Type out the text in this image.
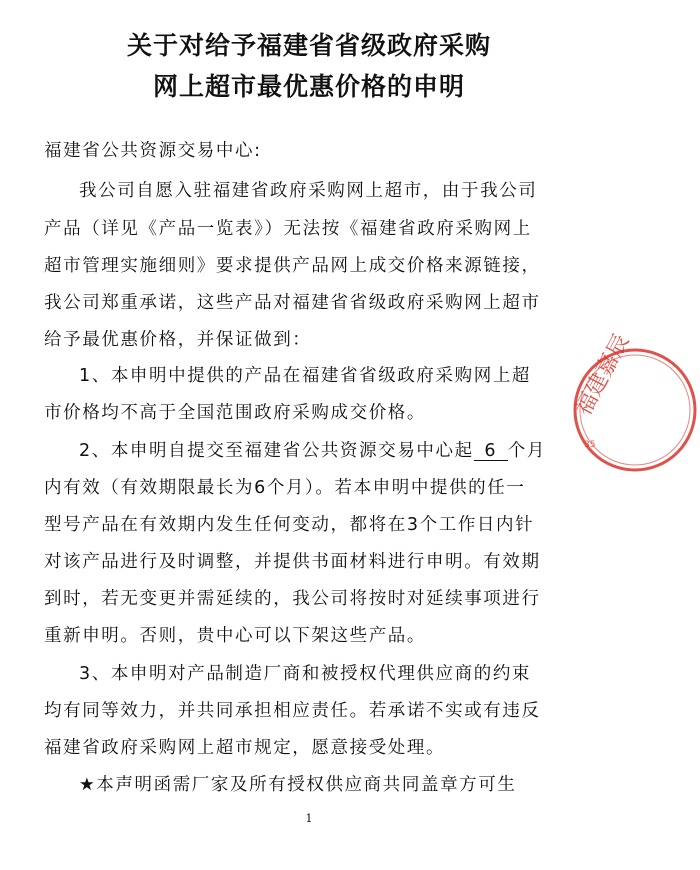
关于对给予福建省省级政府采购
网上超市最优惠价格的申明
福建省公共资源交易中心:
我公司自愿入驻福建省政府采购网上超市，由于我公司
产品（详见《产品一览表》）无法按《福建省政府采购网上
超市管理实施细则》要求提供产品网上成交价格来源链接，
我公司郑重承诺，这些产品对福建省省级政府采购网上超市
给予最优惠价格，并保证做到：
1、本申明中提供的产品在福建省省级政府采购网上超
市价格均不高于全国范围政府采购成交价格。
2、本申明自提交至福建省公共资源交易中心起 6 个月
内有效（有效期限最长为6个月）。若本申明中提供的任一
型号产品在有效期内发生任何变动，都将在3个工作日内针
对该产品进行及时调整，并提供书面材料进行申明。有效期
到时，若无变更并需延续的，我公司将按时对延续事项进行
重新申明。否则，贵中心可以下架这些产品。
3、本申明对产品制造厂商和被授权代理供应商的约束
均有同等效力，并共同承担相应责任。若承诺不实或有违反
福建省政府采购网上超市规定，愿意接受处理。
★本声明函需厂家及所有授权供应商共同盖章方可生
1
福建嘉辰
35
